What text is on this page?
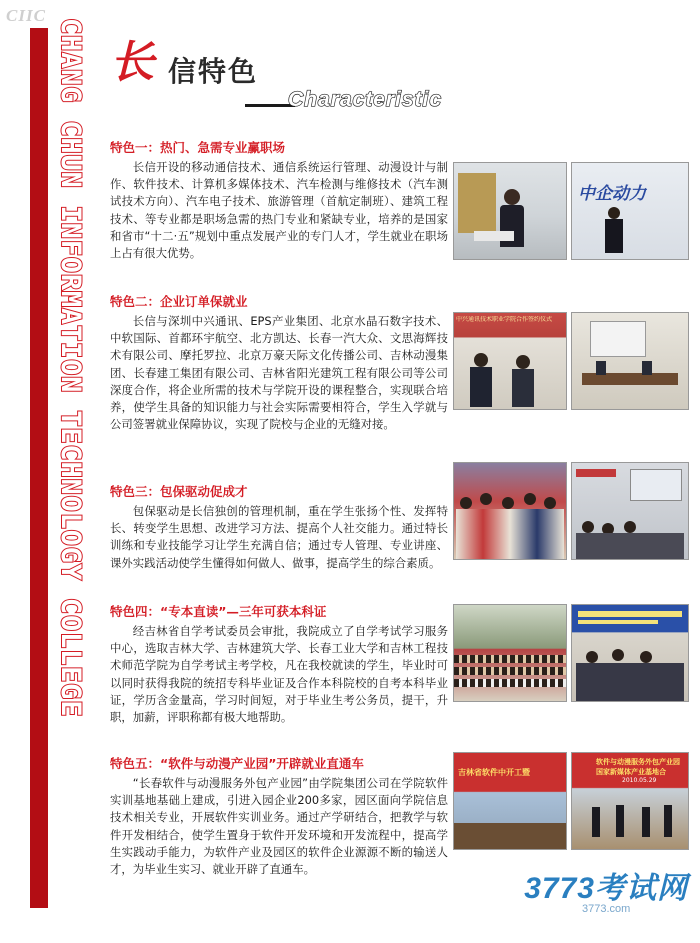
CIIC
CHANG CHUN INFORMATION TECHNOLOGY COLLEGE 长 信特色
Characteristic
特色一：热门、急需专业赢职场
长信开设的移动通信技术、通信系统运行管理、动漫设计与制作、软件技术、计算机多媒体技术、汽车检测与维修技术（汽车测试技术方向）、汽车电子技术、旅游管理（首航定制班）、建筑工程技术、等专业都是职场急需的热门专业和紧缺专业，培养的是国家和省市“十二·五”规划中重点发展产业的专门人才，学生就业在职场上占有很大优势。
特色二：企业订单保就业
长信与深圳中兴通讯、EPS产业集团、北京水晶石数字技术、中软国际、首都环宇航空、北方凯达、长春一汽大众、文思海辉技术有限公司、摩托罗拉、北京万豪天际文化传播公司、吉林动漫集团、长春建工集团有限公司、吉林省阳光建筑工程有限公司等公司深度合作，将企业所需的技术与学院开设的课程整合，实现联合培养，使学生具备的知识能力与社会实际需要相符合，学生入学就与公司签署就业保障协议，实现了院校与企业的无缝对接。
特色三：包保驱动促成才
包保驱动是长信独创的管理机制，重在学生张扬个性、发挥特长、转变学生思想、改进学习方法、提高个人社交能力。通过特长训练和专业技能学习让学生充满自信；通过专人管理、专业讲座、课外实践活动使学生懂得如何做人、做事，提高学生的综合素质。
特色四：“专本直读”—三年可获本科证
经吉林省自学考试委员会审批，我院成立了自学考试学习服务中心，选取吉林大学、吉林建筑大学、长春工业大学和吉林工程技术师范学院为自学考试主考学校，凡在我校就读的学生，毕业时可以同时获得我院的统招专科毕业证及合作本科院校的自考本科毕业证，学历含金量高，学习时间短，对于毕业生考公务员，提干，升职，加薪，评职称都有极大地帮助。
特色五：“软件与动漫产业园”开辟就业直通车
“长春软件与动漫服务外包产业园”由学院集团公司在学院软件实训基地基础上建成，引进入园企业200多家，园区面向学院信息技术相关专业，开展软件实训业务。通过产学研结合，把教学与软件开发相结合，使学生置身于软件开发环境和开发流程中，提高学生实践动手能力，为软件产业及园区的软件企业源源不断的输送人才，为毕业生实习、就业开辟了直通车。
中企动力
中兴通讯技术职业学院合作签约仪式
吉林省软件中开工暨
软件与动漫服务外包产业园
国家新媒体产业基地合
2010.05.29
3773考试网
3773.com
